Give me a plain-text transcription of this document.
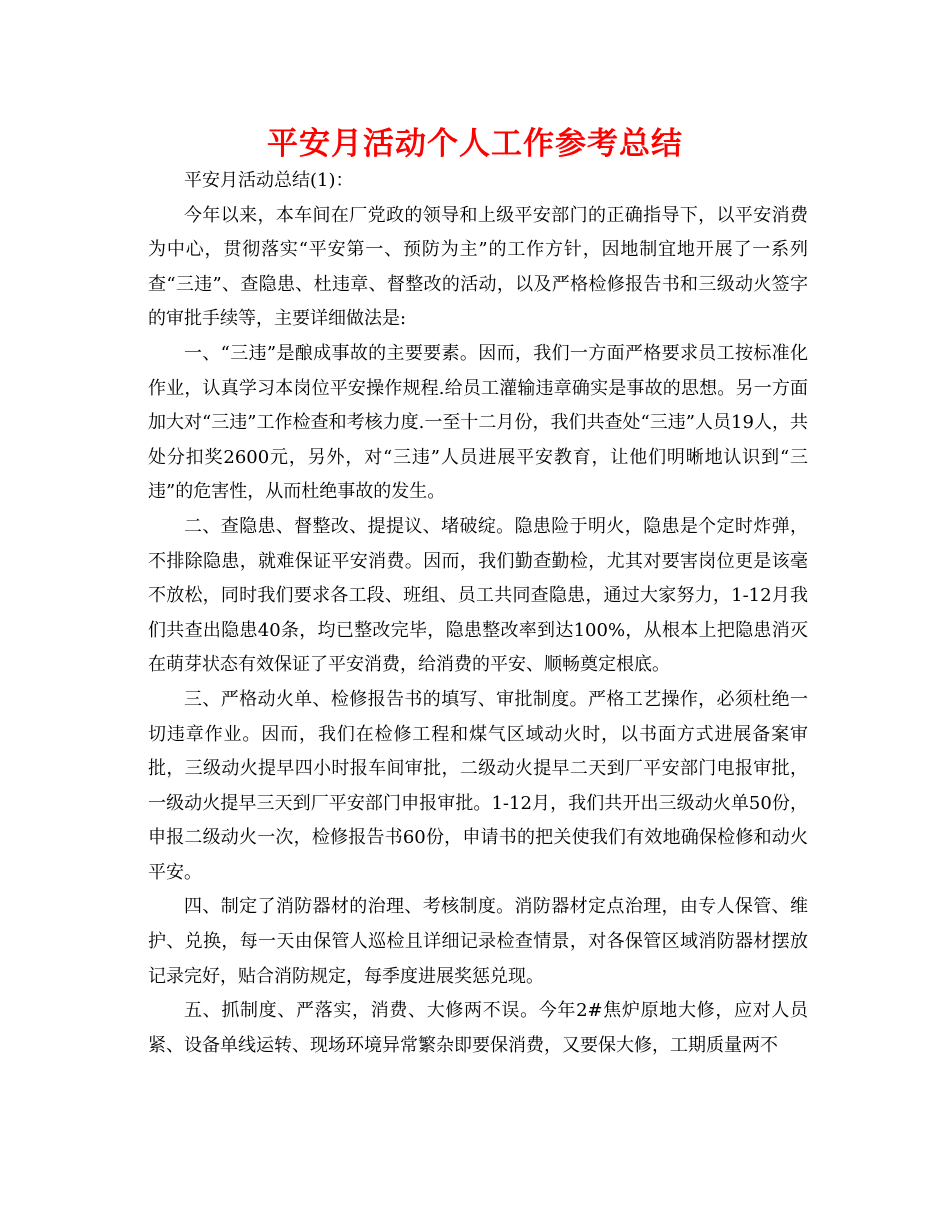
平安月活动个人工作参考总结

平安月活动总结(1)：

今年以来，本车间在厂党政的领导和上级平安部门的正确指导下，以平安消费为中心，贯彻落实“平安第一、预防为主”的工作方针，因地制宜地开展了一系列查“三违”、查隐患、杜违章、督整改的活动，以及严格检修报告书和三级动火签字的审批手续等，主要详细做法是:

一、“三违”是酿成事故的主要要素。因而，我们一方面严格要求员工按标准化作业，认真学习本岗位平安操作规程.给员工灌输违章确实是事故的思想。另一方面加大对“三违”工作检查和考核力度.一至十二月份，我们共查处“三违”人员19人，共处分扣奖2600元，另外，对“三违”人员进展平安教育，让他们明晰地认识到“三违”的危害性，从而杜绝事故的发生。

二、查隐患、督整改、提提议、堵破绽。隐患险于明火，隐患是个定时炸弹，不排除隐患，就难保证平安消费。因而，我们勤查勤检，尤其对要害岗位更是该毫不放松，同时我们要求各工段、班组、员工共同查隐患，通过大家努力，1-12月我们共查出隐患40条，均已整改完毕，隐患整改率到达100%，从根本上把隐患消灭在萌芽状态有效保证了平安消费，给消费的平安、顺畅奠定根底。

三、严格动火单、检修报告书的填写、审批制度。严格工艺操作，必须杜绝一切违章作业。因而，我们在检修工程和煤气区域动火时，以书面方式进展备案审批，三级动火提早四小时报车间审批，二级动火提早二天到厂平安部门电报审批，一级动火提早三天到厂平安部门申报审批。1-12月，我们共开出三级动火单50份，申报二级动火一次，检修报告书60份，申请书的把关使我们有效地确保检修和动火平安。

四、制定了消防器材的治理、考核制度。消防器材定点治理，由专人保管、维护、兑换，每一天由保管人巡检且详细记录检查情景，对各保管区域消防器材摆放记录完好，贴合消防规定，每季度进展奖惩兑现。

五、抓制度、严落实，消费、大修两不误。今年2#焦炉原地大修，应对人员紧、设备单线运转、现场环境异常繁杂即要保消费，又要保大修，工期质量两不
